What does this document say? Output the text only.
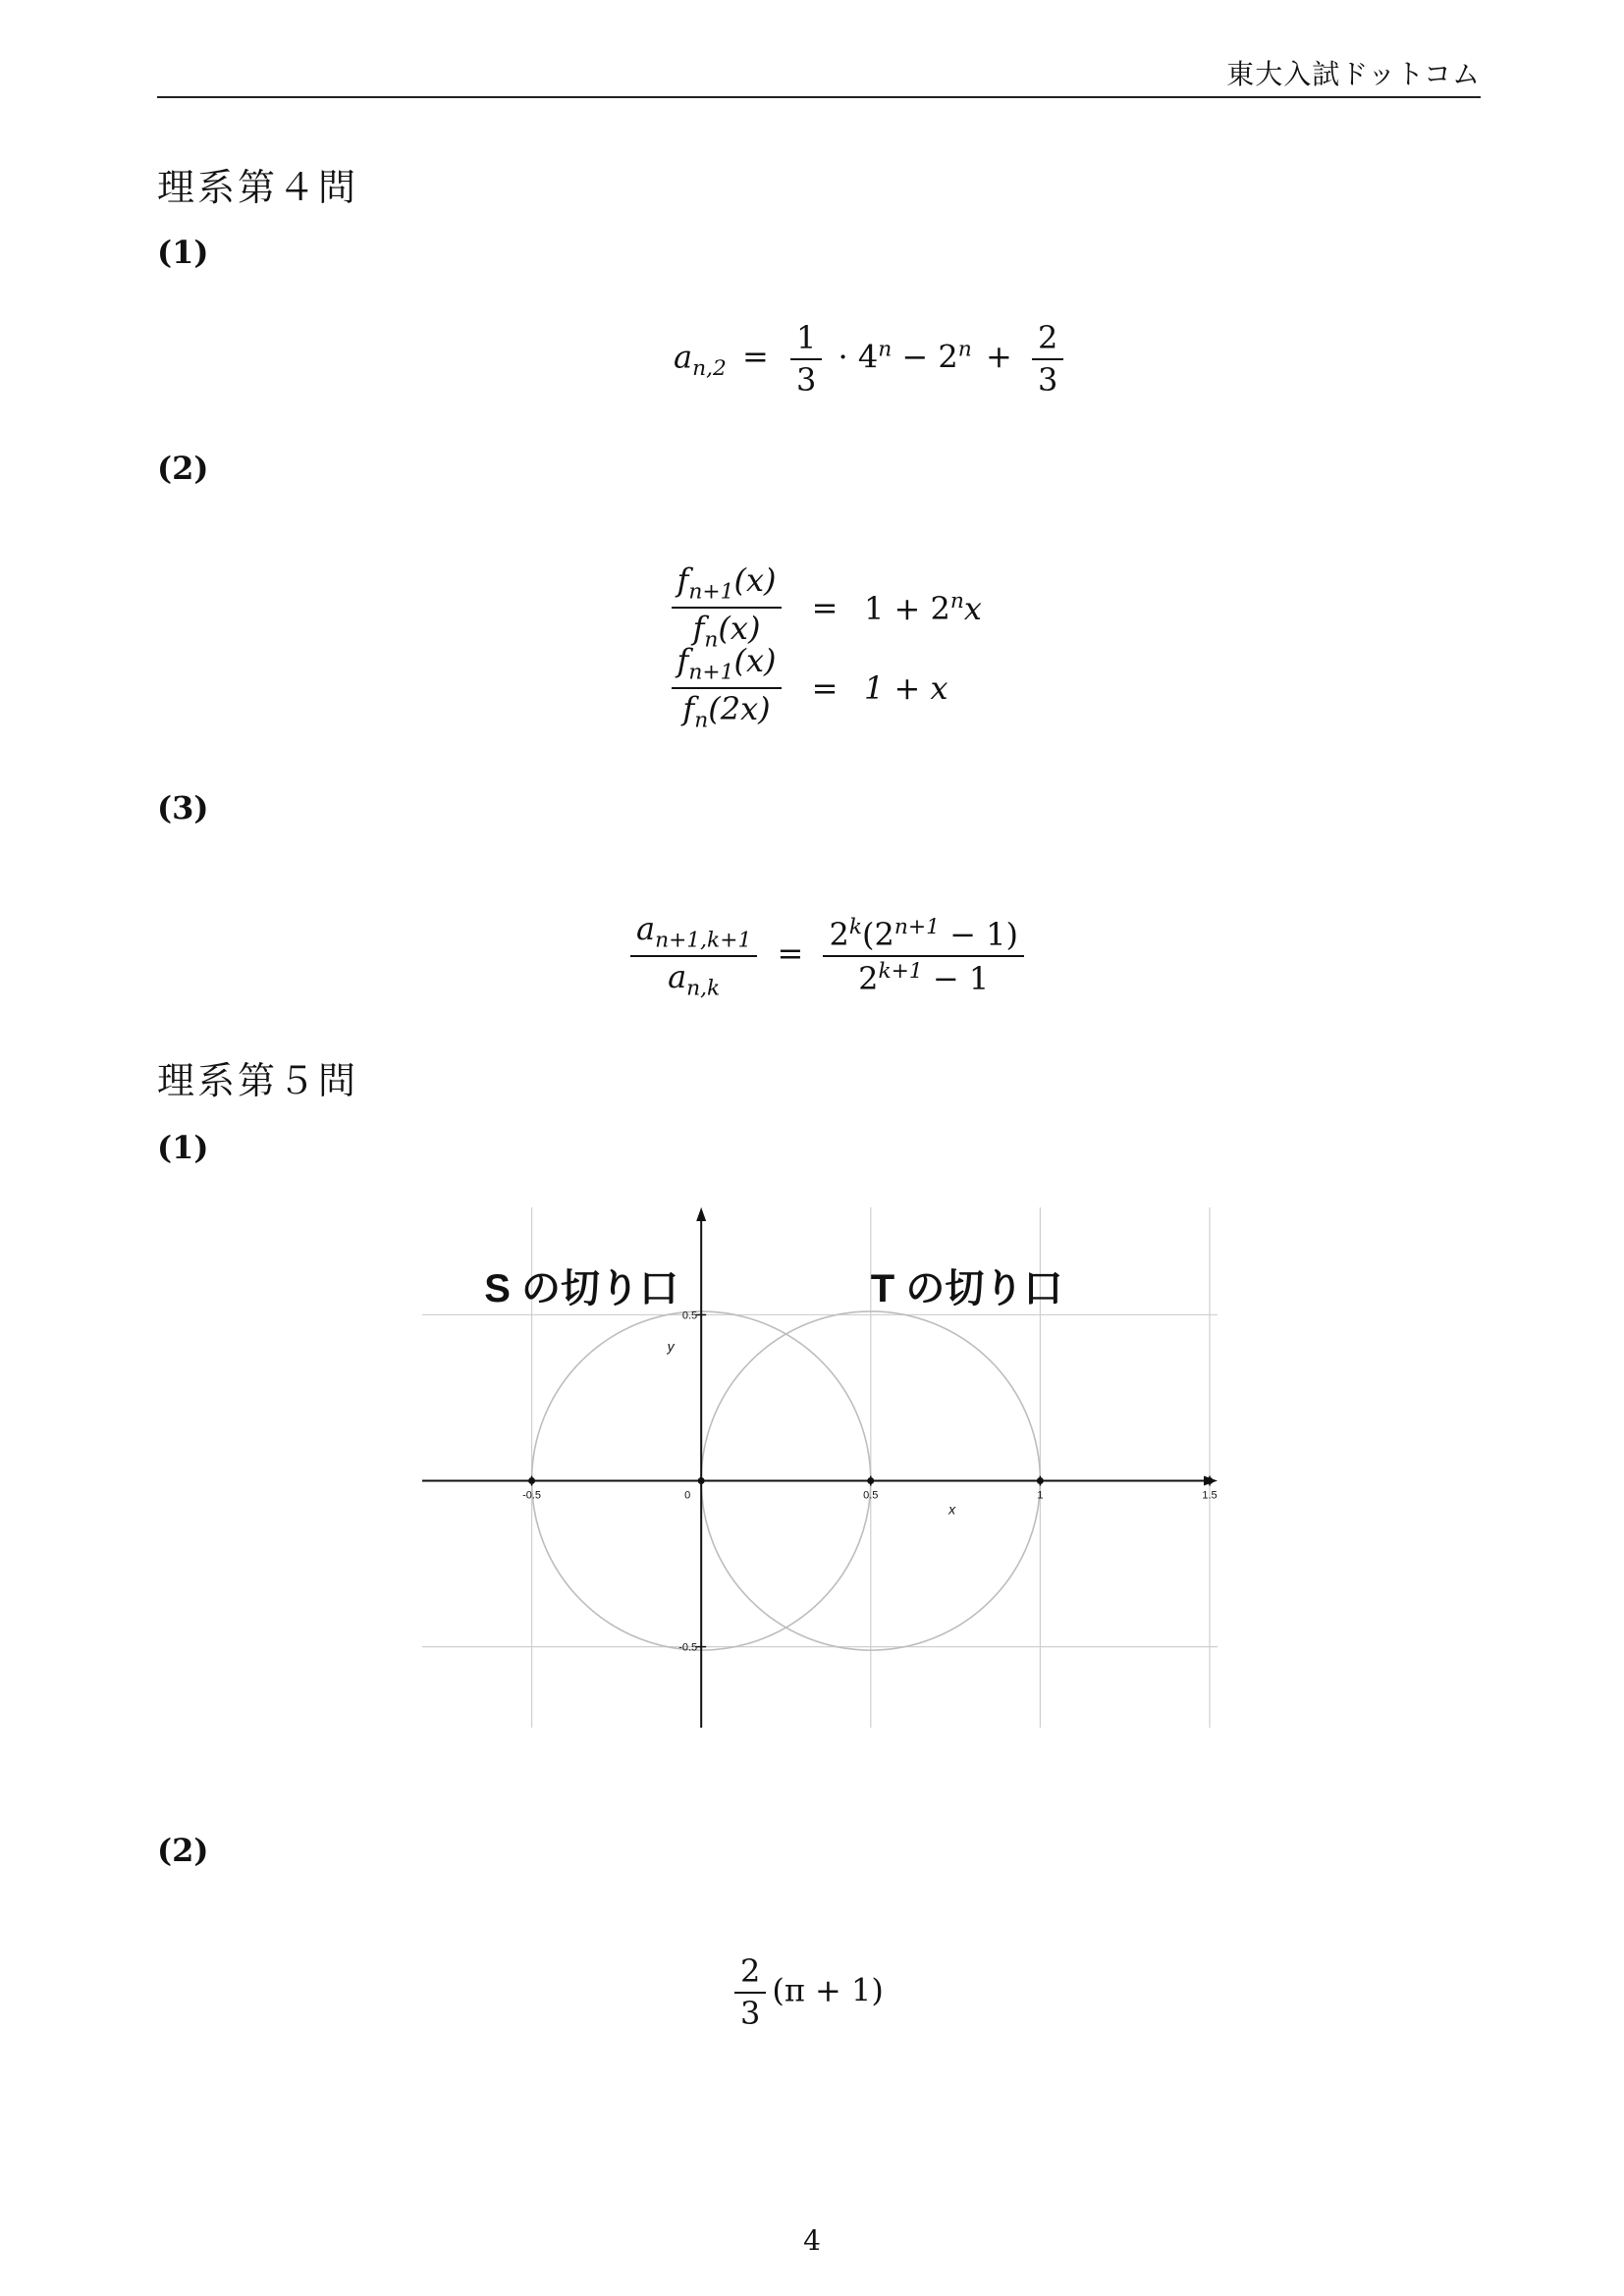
東大入試ドットコム
理系第４問
(1)
$a_{n,2} = \frac{1}{3} \cdot 4^n - 2^n + \frac{2}{3}$
(2)
$\frac{f_{n+1}(x)}{f_n(x)} = 1 + 2^nx$
$\frac{f_{n+1}(x)}{f_n(2x)} = 1 + x$
(3)
$\frac{a_{n+1,k+1}}{a_{n,k}} = \frac{2^k(2^{n+1} - 1)}{2^{k+1} - 1}$
理系第５問
(1)
-0.5	0	0.5	1	1.5
0.5
-0.5
x
y
S の切り口	T の切り口
(2)
$\frac{2}{3} (\pi + 1)$
4
